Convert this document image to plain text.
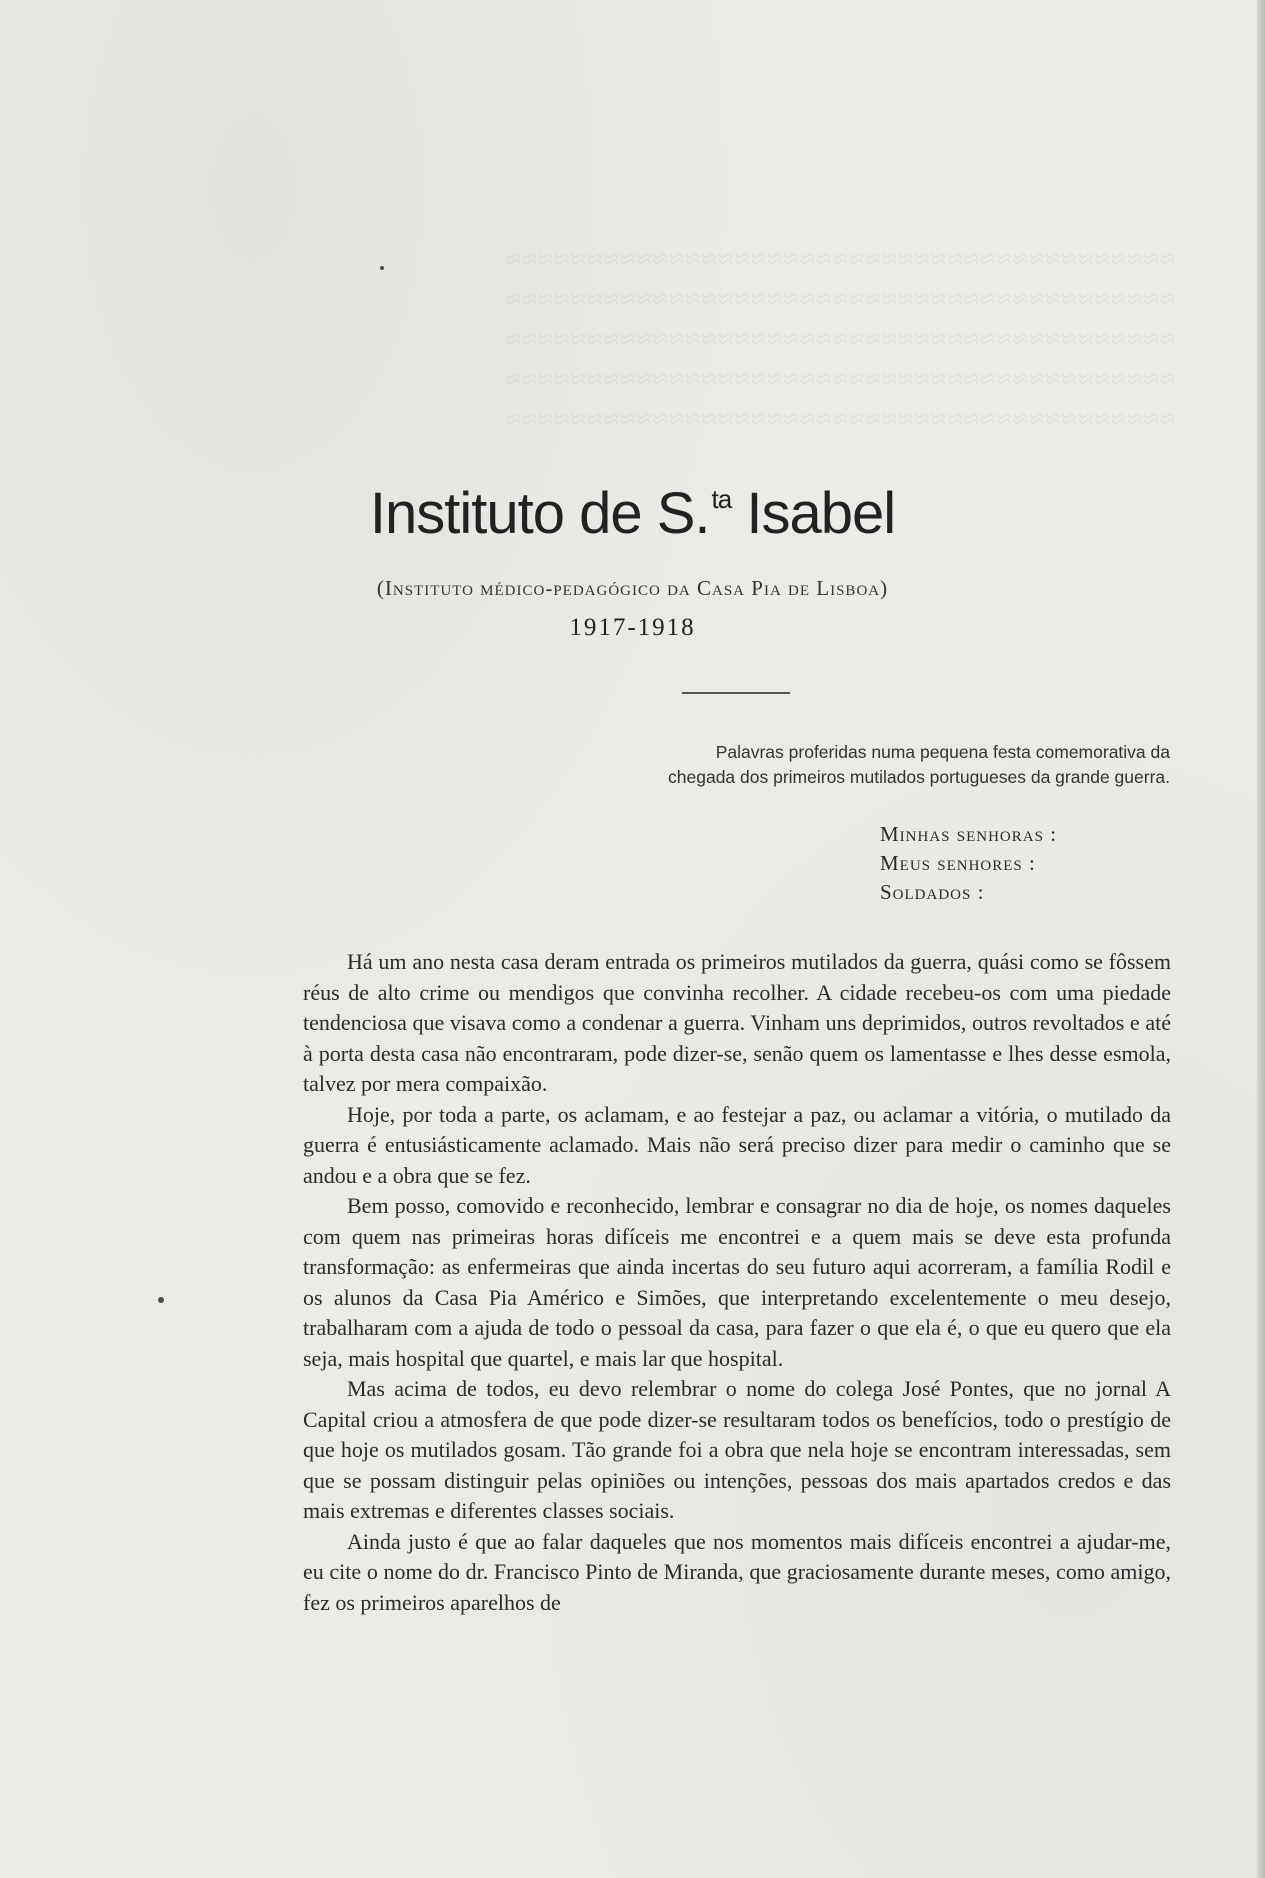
≈≈≈≈≈≈≈≈≈≈≈≈≈≈≈≈≈≈≈≈≈≈≈≈≈≈≈≈≈≈≈≈≈≈≈≈≈≈≈≈≈
≈≈≈≈≈≈≈≈≈≈≈≈≈≈≈≈≈≈≈≈≈≈≈≈≈≈≈≈≈≈≈≈≈≈≈≈≈≈≈≈≈
≈≈≈≈≈≈≈≈≈≈≈≈≈≈≈≈≈≈≈≈≈≈≈≈≈≈≈≈≈≈≈≈≈≈≈≈≈≈≈≈≈
≈≈≈≈≈≈≈≈≈≈≈≈≈≈≈≈≈≈≈≈≈≈≈≈≈≈≈≈≈≈≈≈≈≈≈≈≈≈≈≈≈
≈≈≈≈≈≈≈≈≈≈≈≈≈≈≈≈≈≈≈≈≈≈≈≈≈≈≈≈≈≈≈≈≈≈≈≈≈≈≈≈≈
Instituto de S.$^{ta}$ Isabel
(Instituto médico-pedagógico da Casa Pia de Lisboa)
1917-1918
Palavras proferidas numa pequena festa comemorativa da
chegada dos primeiros mutilados portugueses da grande guerra.
Minhas senhoras :
Meus senhores :
Soldados :

Há um ano nesta casa deram entrada os primeiros mutilados da guerra, quási como se fôssem réus de alto crime ou mendigos que convinha recolher. A cidade recebeu-os com uma piedade tendenciosa que visava como a condenar a guerra. Vinham uns deprimidos, outros revoltados e até à porta desta casa não encontraram, pode dizer-se, senão quem os lamentasse e lhes desse esmola, talvez por mera compaixão.

Hoje, por toda a parte, os aclamam, e ao festejar a paz, ou aclamar a vitória, o mutilado da guerra é entusiásticamente aclamado. Mais não será preciso dizer para medir o caminho que se andou e a obra que se fez.

Bem posso, comovido e reconhecido, lembrar e consagrar no dia de hoje, os nomes daqueles com quem nas primeiras horas difíceis me encontrei e a quem mais se deve esta profunda transformação: as enfermeiras que ainda incertas do seu futuro aqui acorreram, a família Rodil e os alunos da Casa Pia Américo e Simões, que interpretando excelentemente o meu desejo, trabalharam com a ajuda de todo o pessoal da casa, para fazer o que ela é, o que eu quero que ela seja, mais hospital que quartel, e mais lar que hospital.

Mas acima de todos, eu devo relembrar o nome do colega José Pontes, que no jornal A Capital criou a atmosfera de que pode dizer-se resultaram todos os benefícios, todo o prestígio de que hoje os mutilados gosam. Tão grande foi a obra que nela hoje se encontram interessadas, sem que se possam distinguir pelas opiniões ou intenções, pessoas dos mais apartados credos e das mais extremas e diferentes classes sociais.

Ainda justo é que ao falar daqueles que nos momentos mais difíceis encontrei a ajudar-me, eu cite o nome do dr. Francisco Pinto de Miranda, que graciosamente durante meses, como amigo, fez os primeiros aparelhos de
